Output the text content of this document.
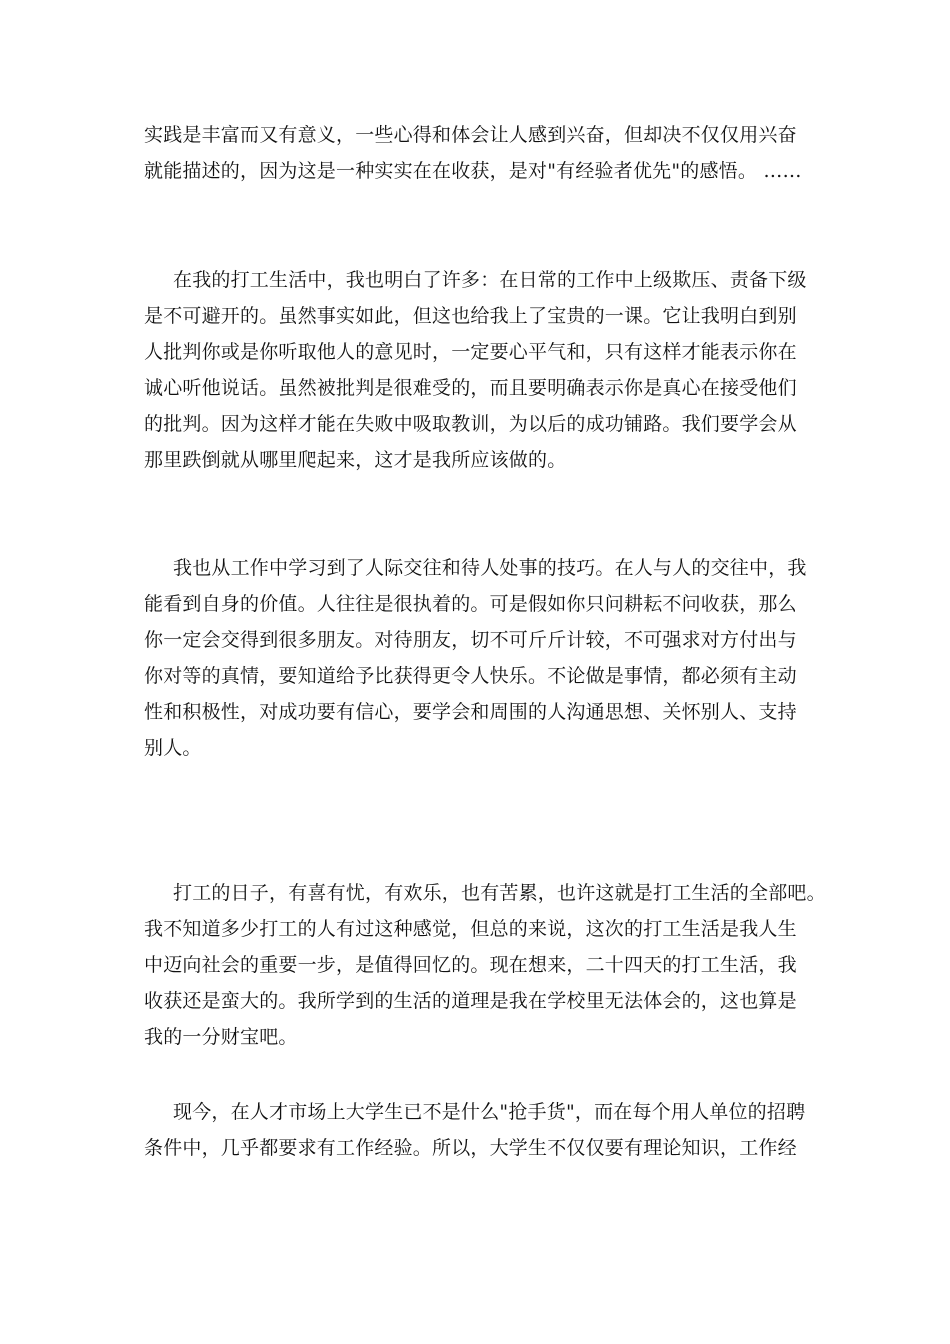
实践是丰富而又有意义，一些心得和体会让人感到兴奋，但却决不仅仅用兴奋
就能描述的，因为这是一种实实在在收获，是对"有经验者优先"的感悟。 ……
在我的打工生活中，我也明白了许多：在日常的工作中上级欺压、责备下级
是不可避开的。虽然事实如此，但这也给我上了宝贵的一课。它让我明白到别
人批判你或是你听取他人的意见时，一定要心平气和，只有这样才能表示你在
诚心听他说话。虽然被批判是很难受的，而且要明确表示你是真心在接受他们
的批判。因为这样才能在失败中吸取教训，为以后的成功铺路。我们要学会从
那里跌倒就从哪里爬起来，这才是我所应该做的。
我也从工作中学习到了人际交往和待人处事的技巧。在人与人的交往中，我
能看到自身的价值。人往往是很执着的。可是假如你只问耕耘不问收获，那么
你一定会交得到很多朋友。对待朋友，切不可斤斤计较，不可强求对方付出与
你对等的真情，要知道给予比获得更令人快乐。不论做是事情，都必须有主动
性和积极性，对成功要有信心，要学会和周围的人沟通思想、关怀别人、支持
别人。
打工的日子，有喜有忧，有欢乐，也有苦累，也许这就是打工生活的全部吧。
我不知道多少打工的人有过这种感觉，但总的来说，这次的打工生活是我人生
中迈向社会的重要一步，是值得回忆的。现在想来，二十四天的打工生活，我
收获还是蛮大的。我所学到的生活的道理是我在学校里无法体会的，这也算是
我的一分财宝吧。
现今，在人才市场上大学生已不是什么"抢手货"，而在每个用人单位的招聘
条件中，几乎都要求有工作经验。所以，大学生不仅仅要有理论知识，工作经
